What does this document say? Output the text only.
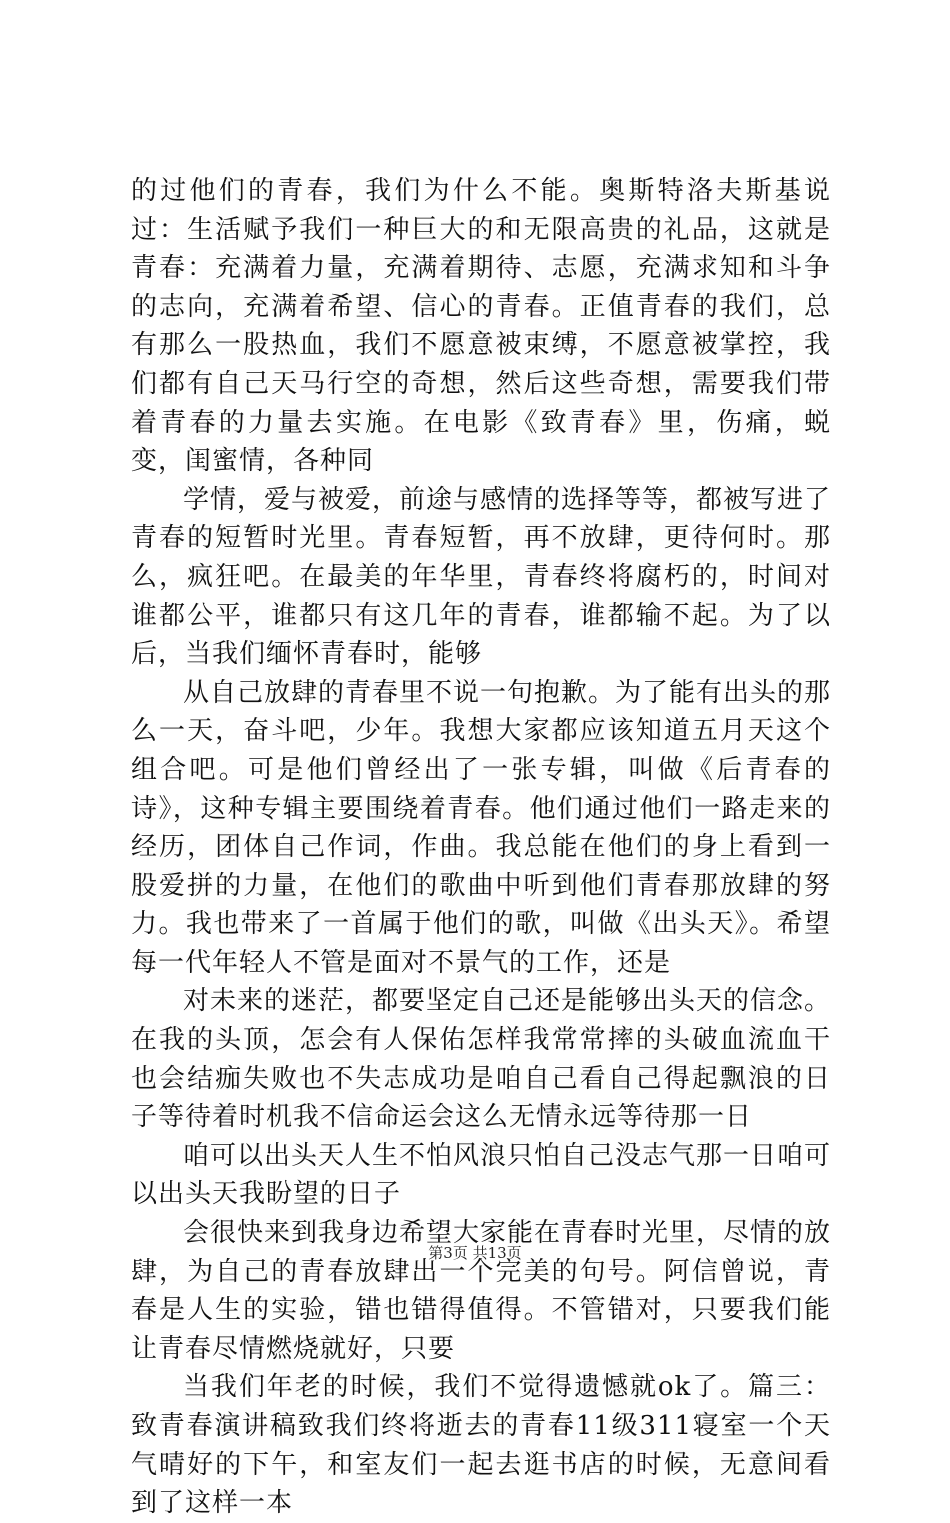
的过他们的青春，我们为什么不能。奥斯特洛夫斯基说过：生活赋予我们一种巨大的和无限高贵的礼品，这就是青春：充满着力量，充满着期待、志愿，充满求知和斗争的志向，充满着希望、信心的青春。正值青春的我们，总有那么一股热血，我们不愿意被束缚，不愿意被掌控，我们都有自己天马行空的奇想，然后这些奇想，需要我们带着青春的力量去实施。在电影《致青春》里，伤痛，蜕变，闺蜜情，各种同

学情，爱与被爱，前途与感情的选择等等，都被写进了青春的短暂时光里。青春短暂，再不放肆，更待何时。那么，疯狂吧。在最美的年华里，青春终将腐朽的，时间对谁都公平，谁都只有这几年的青春，谁都输不起。为了以后，当我们缅怀青春时，能够

从自己放肆的青春里不说一句抱歉。为了能有出头的那么一天，奋斗吧，少年。我想大家都应该知道五月天这个组合吧。可是他们曾经出了一张专辑，叫做《后青春的诗》，这种专辑主要围绕着青春。他们通过他们一路走来的经历，团体自己作词，作曲。我总能在他们的身上看到一股爱拼的力量，在他们的歌曲中听到他们青春那放肆的努力。我也带来了一首属于他们的歌，叫做《出头天》。希望每一代年轻人不管是面对不景气的工作，还是

对未来的迷茫，都要坚定自己还是能够出头天的信念。在我的头顶，怎会有人保佑怎样我常常摔的头破血流血干也会结痂失败也不失志成功是咱自己看自己得起飘浪的日子等待着时机我不信命运会这么无情永远等待那一日

咱可以出头天人生不怕风浪只怕自己没志气那一日咱可以出头天我盼望的日子

会很快来到我身边希望大家能在青春时光里，尽情的放肆，为自己的青春放肆出一个完美的句号。阿信曾说，青春是人生的实验，错也错得值得。不管错对，只要我们能让青春尽情燃烧就好，只要

当我们年老的时候，我们不觉得遗憾就ok了。篇三：致青春演讲稿致我们终将逝去的青春11级311寝室一个天气晴好的下午，和室友们一起去逛书店的时候，无意间看到了这样一本

第3页 共13页
